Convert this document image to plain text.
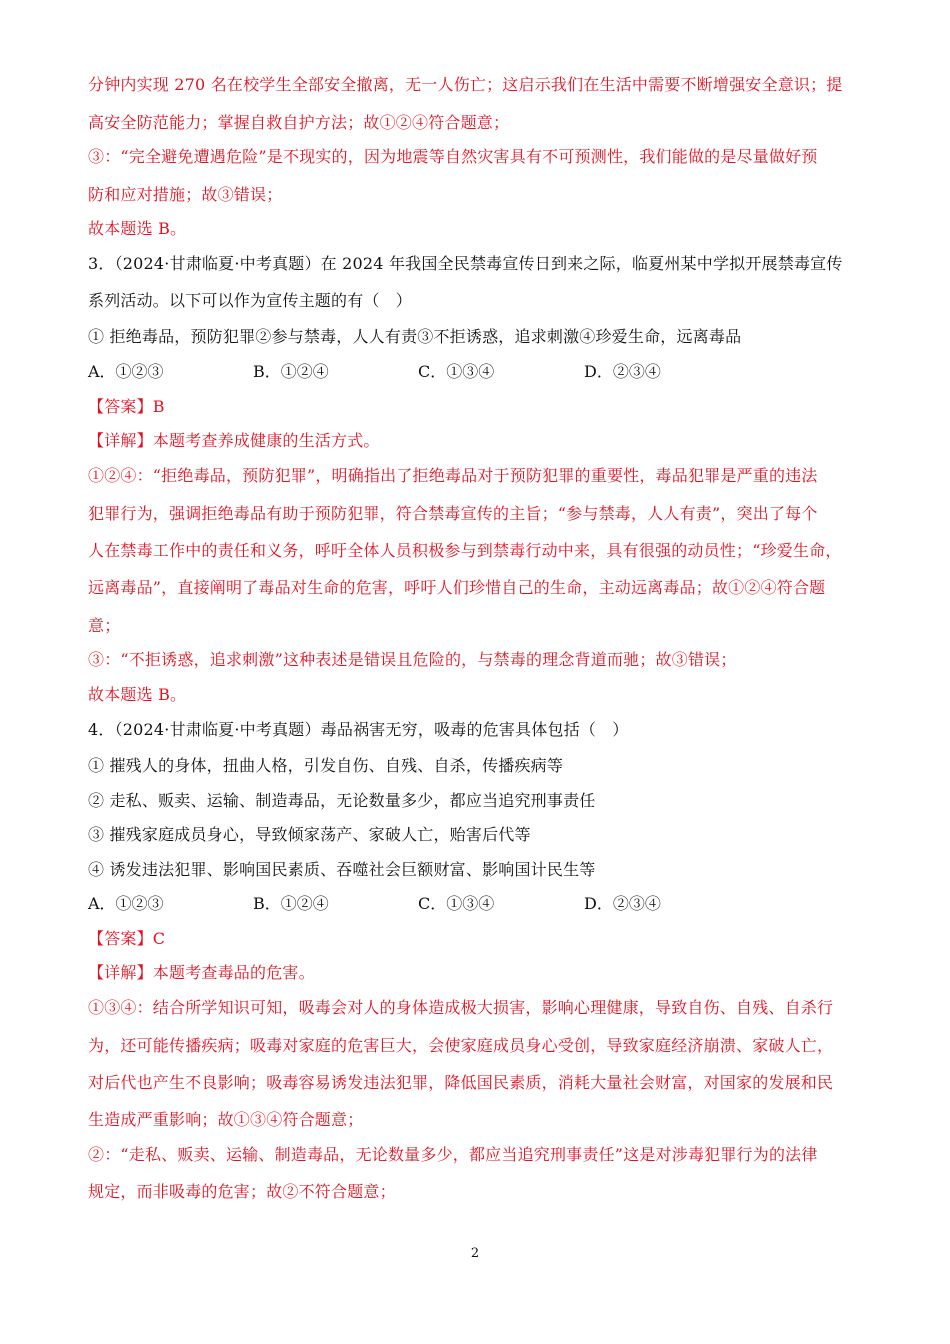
分钟内实现 270 名在校学生全部安全撤离，无一人伤亡；这启示我们在生活中需要不断增强安全意识；提
高安全防范能力；掌握自救自护方法；故①②④符合题意；
③：“完全避免遭遇危险”是不现实的，因为地震等自然灾害具有不可预测性，我们能做的是尽量做好预
防和应对措施；故③错误；
故本题选 B。
3．（2024·甘肃临夏·中考真题）在 2024 年我国全民禁毒宣传日到来之际，临夏州某中学拟开展禁毒宣传
系列活动。以下可以作为宣传主题的有（　）
① 拒绝毒品，预防犯罪②参与禁毒，人人有责③不拒诱惑，追求刺激④珍爱生命，远离毒品
A．①②③	B．①②④	C．①③④	D．②③④
【答案】B
【详解】本题考查养成健康的生活方式。
①②④：“拒绝毒品，预防犯罪”，明确指出了拒绝毒品对于预防犯罪的重要性，毒品犯罪是严重的违法
犯罪行为，强调拒绝毒品有助于预防犯罪，符合禁毒宣传的主旨；“参与禁毒，人人有责”，突出了每个
人在禁毒工作中的责任和义务，呼吁全体人员积极参与到禁毒行动中来，具有很强的动员性；“珍爱生命，
远离毒品”，直接阐明了毒品对生命的危害，呼吁人们珍惜自己的生命，主动远离毒品；故①②④符合题
意；
③：“不拒诱惑，追求刺激”这种表述是错误且危险的，与禁毒的理念背道而驰；故③错误；
故本题选 B。
4．（2024·甘肃临夏·中考真题）毒品祸害无穷，吸毒的危害具体包括（　）
① 摧残人的身体，扭曲人格，引发自伤、自残、自杀，传播疾病等
② 走私、贩卖、运输、制造毒品，无论数量多少，都应当追究刑事责任
③ 摧残家庭成员身心，导致倾家荡产、家破人亡，贻害后代等
④ 诱发违法犯罪、影响国民素质、吞噬社会巨额财富、影响国计民生等
A．①②③	B．①②④	C．①③④	D．②③④
【答案】C
【详解】本题考查毒品的危害。
①③④：结合所学知识可知，吸毒会对人的身体造成极大损害，影响心理健康，导致自伤、自残、自杀行
为，还可能传播疾病；吸毒对家庭的危害巨大，会使家庭成员身心受创，导致家庭经济崩溃、家破人亡，
对后代也产生不良影响；吸毒容易诱发违法犯罪，降低国民素质，消耗大量社会财富，对国家的发展和民
生造成严重影响；故①③④符合题意；
②：“走私、贩卖、运输、制造毒品，无论数量多少，都应当追究刑事责任”这是对涉毒犯罪行为的法律
规定，而非吸毒的危害；故②不符合题意；
2
